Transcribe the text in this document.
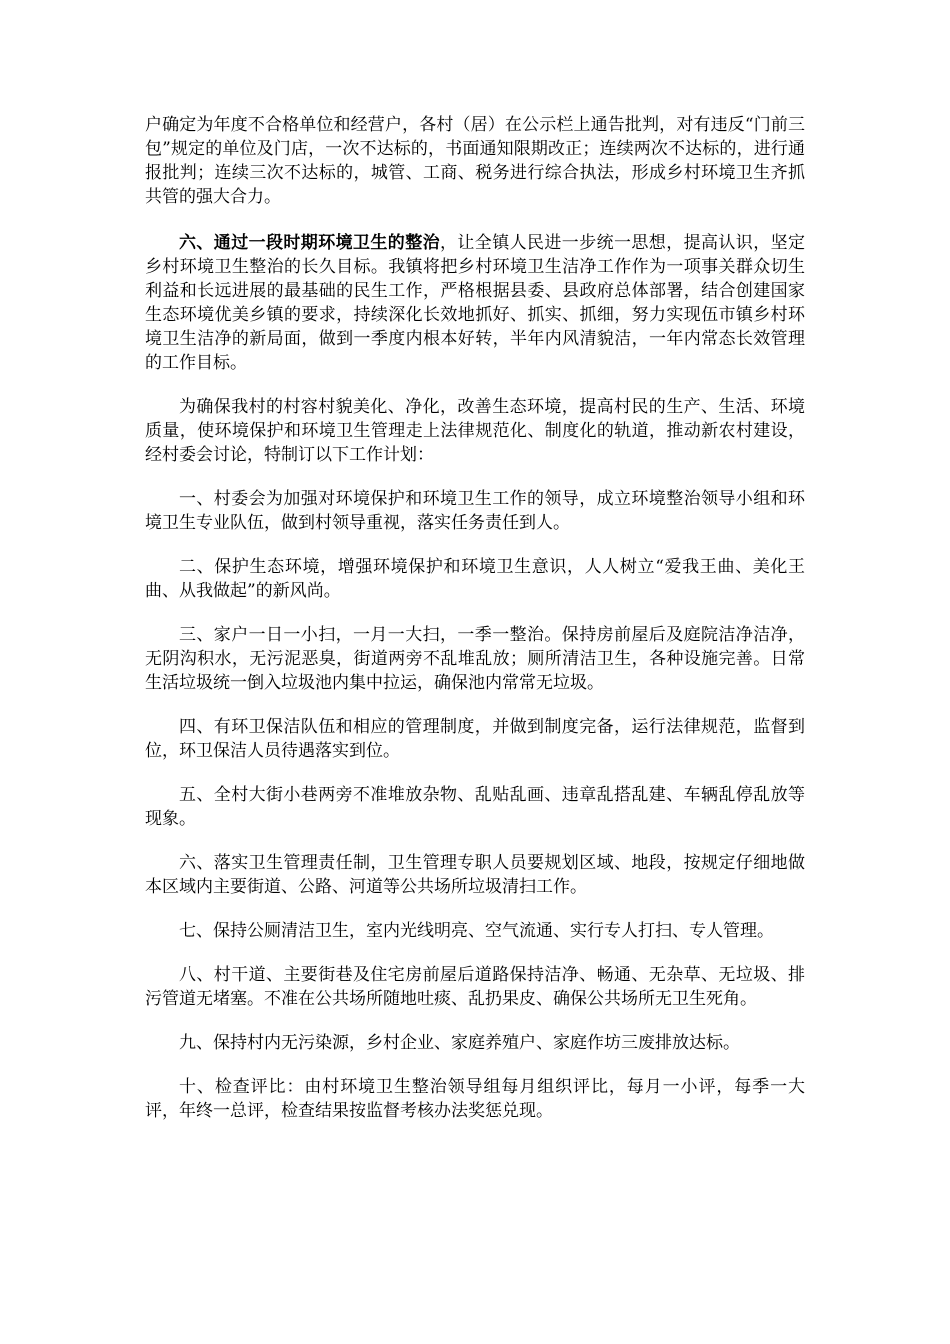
户确定为年度不合格单位和经营户，各村（居）在公示栏上通告批判，对有违反“门前三包”规定的单位及门店，一次不达标的，书面通知限期改正；连续两次不达标的，进行通报批判；连续三次不达标的，城管、工商、税务进行综合执法，形成乡村环境卫生齐抓共管的强大合力。

六、通过一段时期环境卫生的整治，让全镇人民进一步统一思想，提高认识，坚定乡村环境卫生整治的长久目标。我镇将把乡村环境卫生洁净工作作为一项事关群众切生利益和长远进展的最基础的民生工作，严格根据县委、县政府总体部署，结合创建国家生态环境优美乡镇的要求，持续深化长效地抓好、抓实、抓细，努力实现伍市镇乡村环境卫生洁净的新局面，做到一季度内根本好转，半年内风清貌洁，一年内常态长效管理的工作目标。

为确保我村的村容村貌美化、净化，改善生态环境，提高村民的生产、生活、环境质量，使环境保护和环境卫生管理走上法律规范化、制度化的轨道，推动新农村建设，经村委会讨论，特制订以下工作计划：

一、村委会为加强对环境保护和环境卫生工作的领导，成立环境整治领导小组和环境卫生专业队伍，做到村领导重视，落实任务责任到人。

二、保护生态环境，增强环境保护和环境卫生意识，人人树立“爱我王曲、美化王曲、从我做起”的新风尚。

三、家户一日一小扫，一月一大扫，一季一整治。保持房前屋后及庭院洁净洁净，无阴沟积水，无污泥恶臭，街道两旁不乱堆乱放；厕所清洁卫生，各种设施完善。日常生活垃圾统一倒入垃圾池内集中拉运，确保池内常常无垃圾。

四、有环卫保洁队伍和相应的管理制度，并做到制度完备，运行法律规范，监督到位，环卫保洁人员待遇落实到位。

五、全村大街小巷两旁不准堆放杂物、乱贴乱画、违章乱搭乱建、车辆乱停乱放等现象。

六、落实卫生管理责任制，卫生管理专职人员要规划区域、地段，按规定仔细地做本区域内主要街道、公路、河道等公共场所垃圾清扫工作。

七、保持公厕清洁卫生，室内光线明亮、空气流通、实行专人打扫、专人管理。

八、村干道、主要街巷及住宅房前屋后道路保持洁净、畅通、无杂草、无垃圾、排污管道无堵塞。不准在公共场所随地吐痰、乱扔果皮、确保公共场所无卫生死角。

九、保持村内无污染源，乡村企业、家庭养殖户、家庭作坊三废排放达标。

十、检查评比：由村环境卫生整治领导组每月组织评比，每月一小评，每季一大评，年终一总评，检查结果按监督考核办法奖惩兑现。
